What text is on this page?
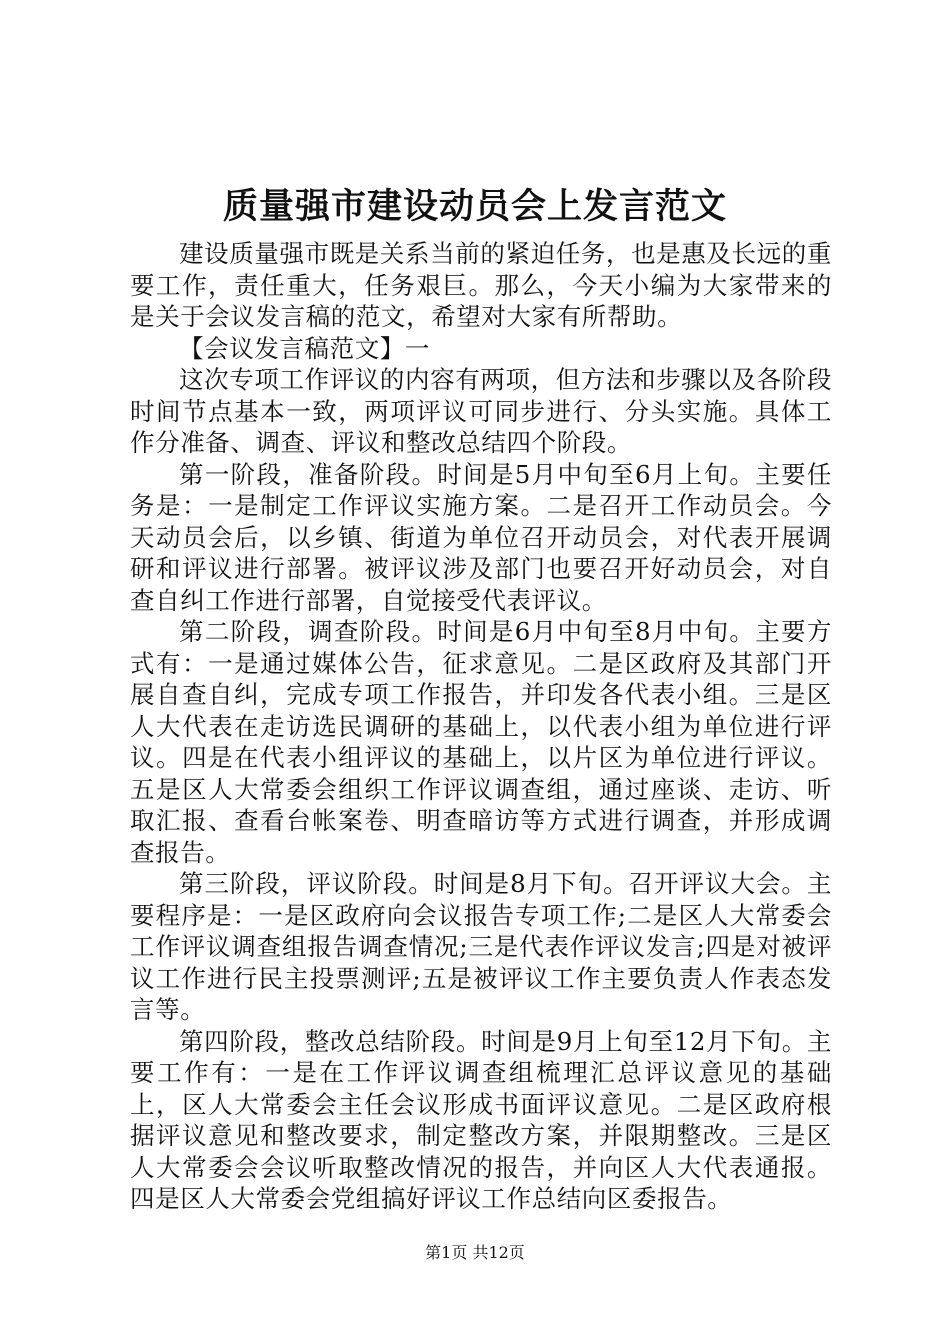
质量强市建设动员会上发言范文

建设质量强市既是关系当前的紧迫任务，也是惠及长远的重要工作，责任重大，任务艰巨。那么，今天小编为大家带来的是关于会议发言稿的范文，希望对大家有所帮助。

【会议发言稿范文】一

这次专项工作评议的内容有两项，但方法和步骤以及各阶段时间节点基本一致，两项评议可同步进行、分头实施。具体工作分准备、调查、评议和整改总结四个阶段。

第一阶段，准备阶段。时间是5月中旬至6月上旬。主要任务是：一是制定工作评议实施方案。二是召开工作动员会。今天动员会后，以乡镇、街道为单位召开动员会，对代表开展调研和评议进行部署。被评议涉及部门也要召开好动员会，对自查自纠工作进行部署，自觉接受代表评议。

第二阶段，调查阶段。时间是6月中旬至8月中旬。主要方式有：一是通过媒体公告，征求意见。二是区政府及其部门开展自查自纠，完成专项工作报告，并印发各代表小组。三是区人大代表在走访选民调研的基础上，以代表小组为单位进行评议。四是在代表小组评议的基础上，以片区为单位进行评议。五是区人大常委会组织工作评议调查组，通过座谈、走访、听取汇报、查看台帐案卷、明查暗访等方式进行调查，并形成调查报告。

第三阶段，评议阶段。时间是8月下旬。召开评议大会。主要程序是：一是区政府向会议报告专项工作;二是区人大常委会工作评议调查组报告调查情况;三是代表作评议发言;四是对被评议工作进行民主投票测评;五是被评议工作主要负责人作表态发言等。

第四阶段，整改总结阶段。时间是9月上旬至12月下旬。主要工作有：一是在工作评议调查组梳理汇总评议意见的基础上，区人大常委会主任会议形成书面评议意见。二是区政府根据评议意见和整改要求，制定整改方案，并限期整改。三是区人大常委会会议听取整改情况的报告，并向区人大代表通报。四是区人大常委会党组搞好评议工作总结向区委报告。

第1页 共12页
